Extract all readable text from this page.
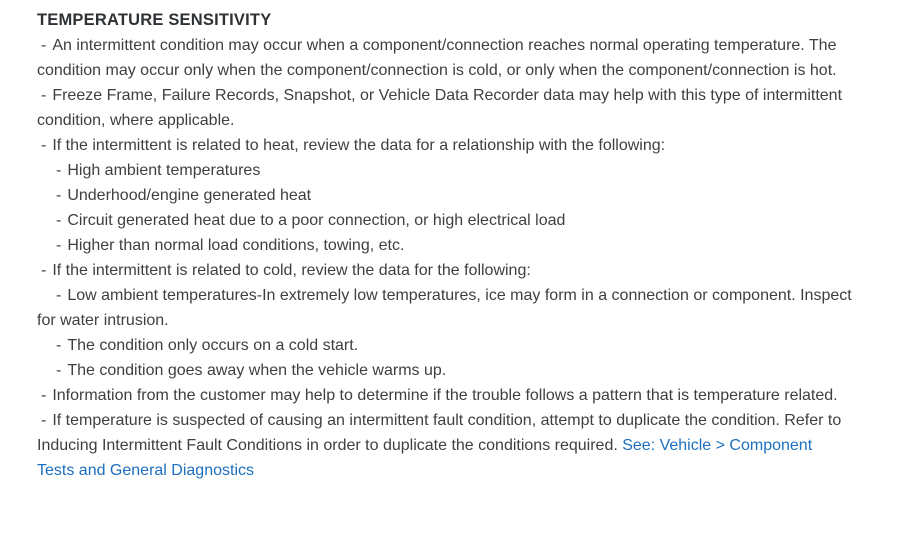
TEMPERATURE SENSITIVITY

- An intermittent condition may occur when a component/connection reaches normal operating temperature. The condition may occur only when the component/connection is cold, or only when the component/connection is hot.

- Freeze Frame, Failure Records, Snapshot, or Vehicle Data Recorder data may help with this type of intermittent condition, where applicable.

- If the intermittent is related to heat, review the data for a relationship with the following:

- High ambient temperatures

- Underhood/engine generated heat

- Circuit generated heat due to a poor connection, or high electrical load

- Higher than normal load conditions, towing, etc.

- If the intermittent is related to cold, review the data for the following:

- Low ambient temperatures-In extremely low temperatures, ice may form in a connection or component. Inspect for water intrusion.

- The condition only occurs on a cold start.

- The condition goes away when the vehicle warms up.

- Information from the customer may help to determine if the trouble follows a pattern that is temperature related.

- If temperature is suspected of causing an intermittent fault condition, attempt to duplicate the condition. Refer to Inducing Intermittent Fault Conditions in order to duplicate the conditions required. See: Vehicle > Component Tests and General Diagnostics
